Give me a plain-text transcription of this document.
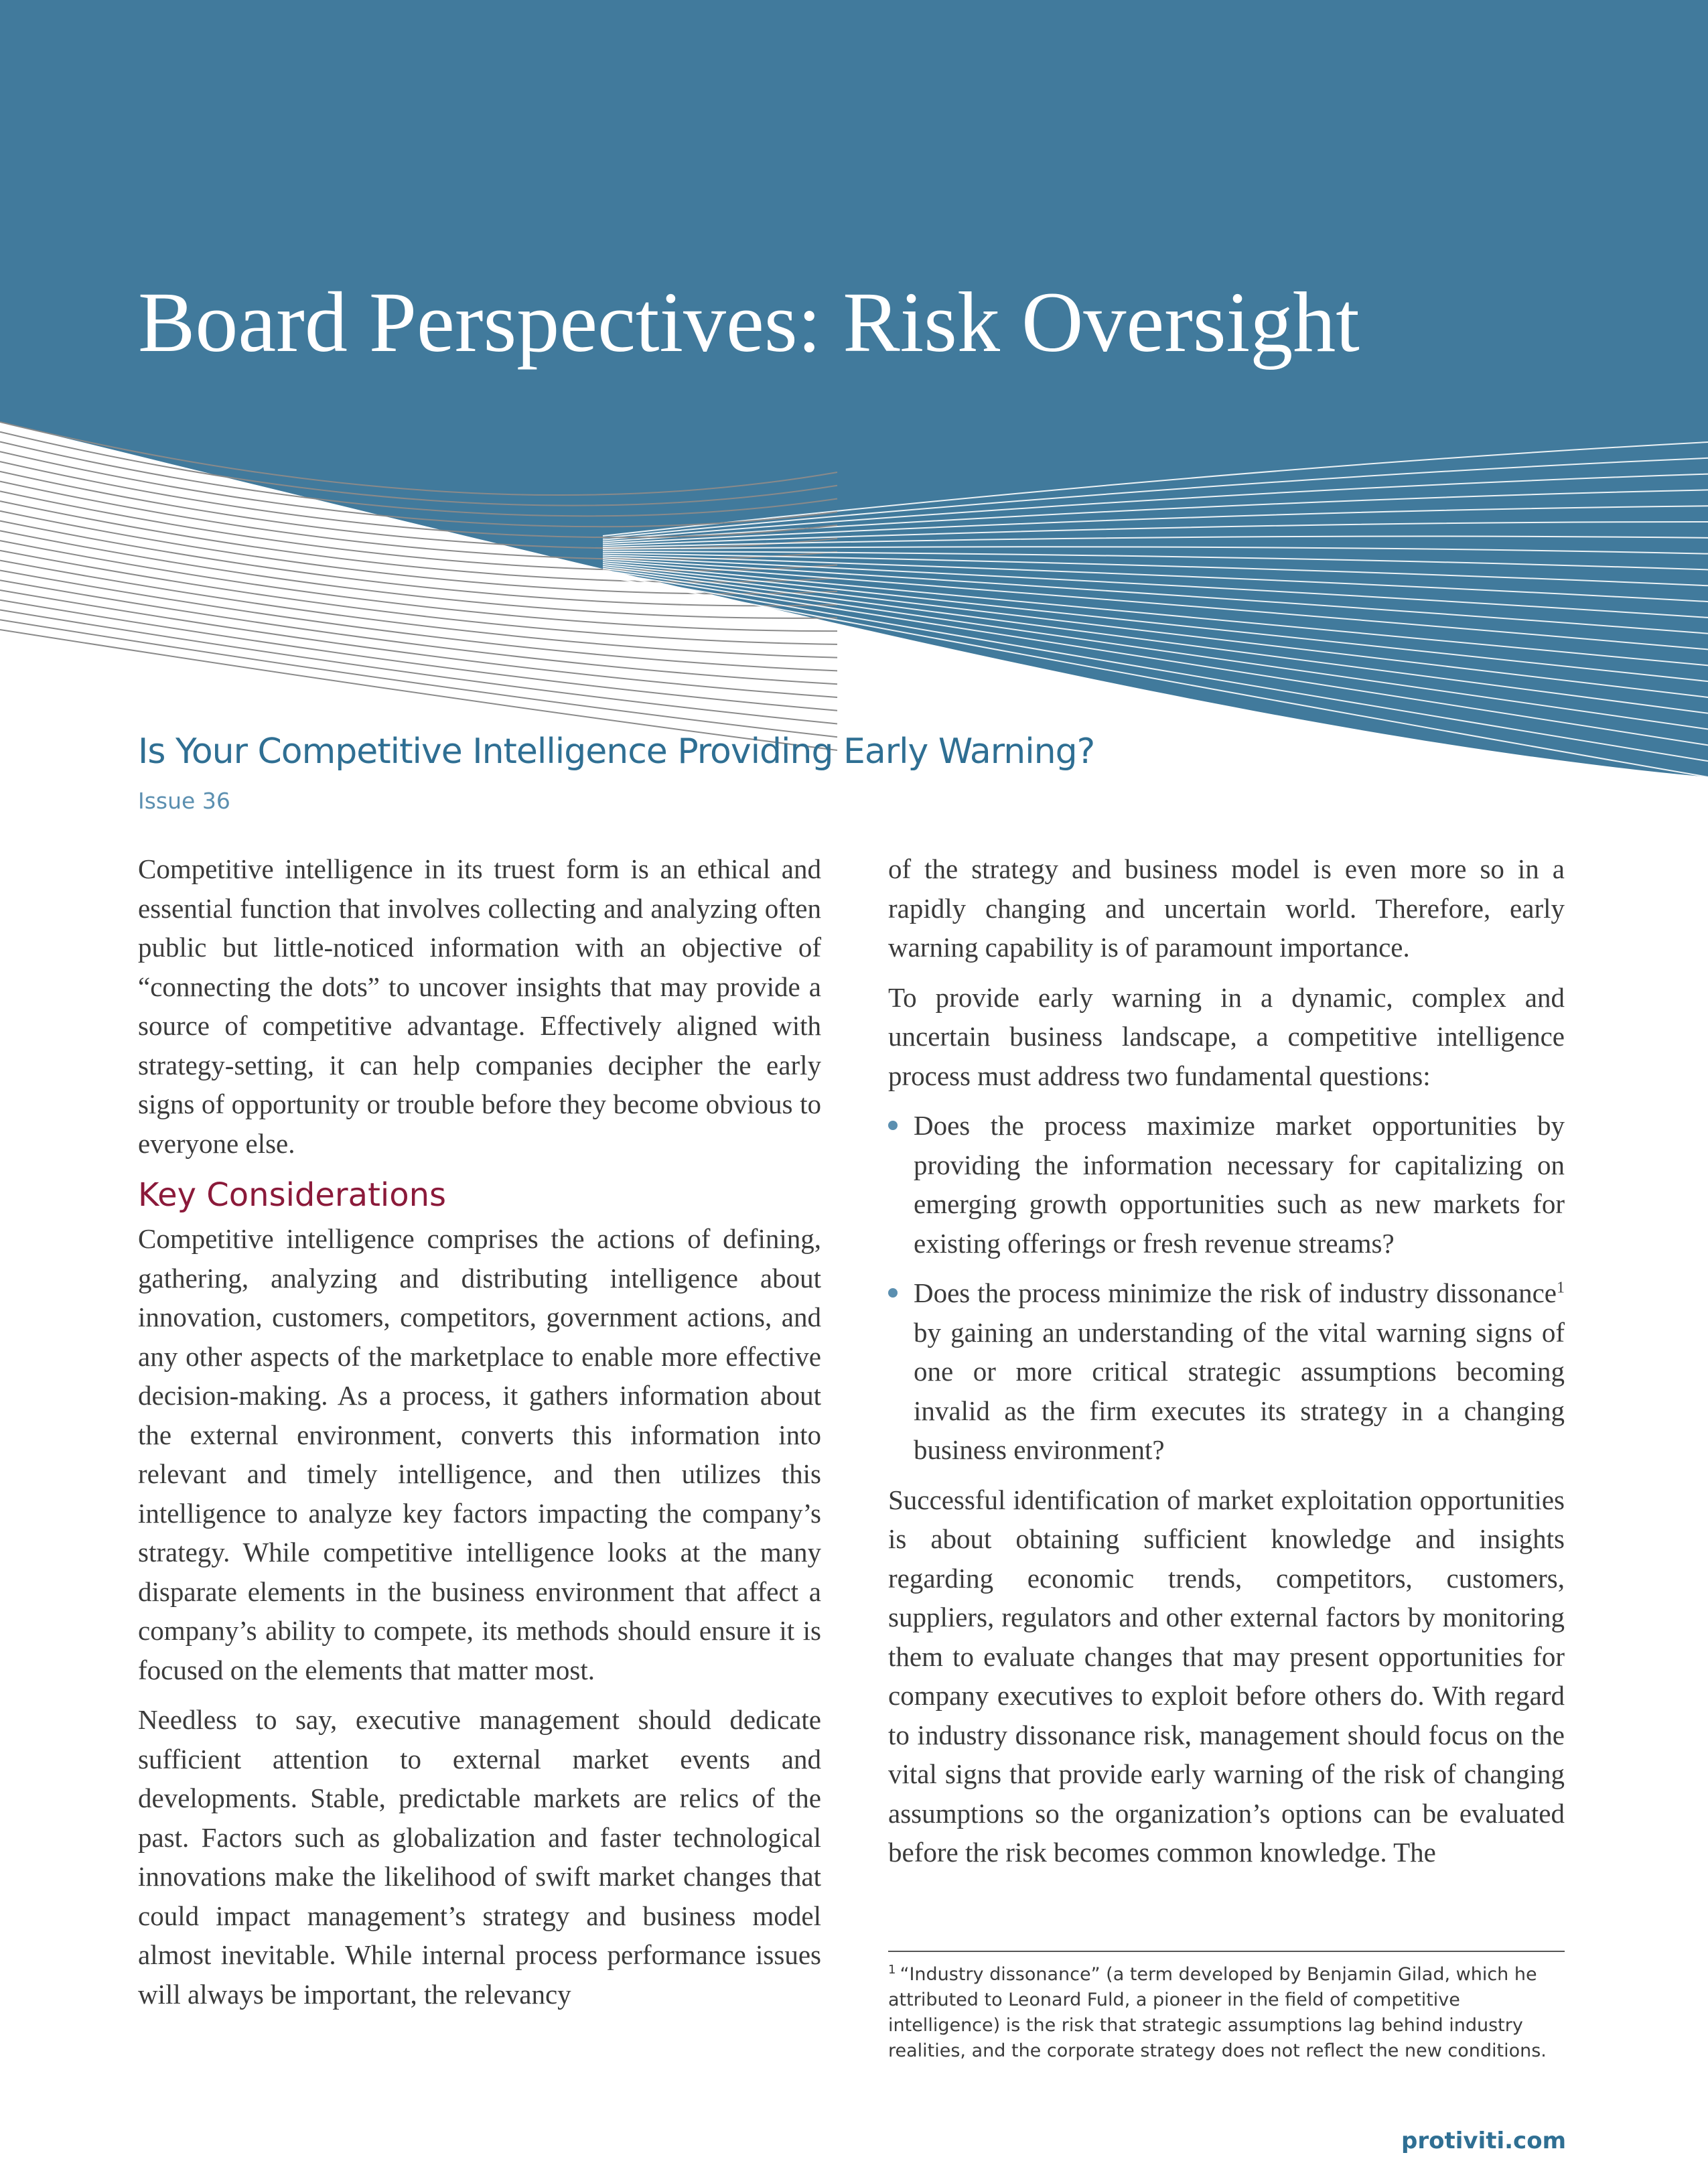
Board Perspectives: Risk Oversight
Is Your Competitive Intelligence Providing Early Warning?
Issue 36

Competitive intelligence in its truest form is an ethical and essential function that involves collecting and analyzing often public but little-noticed information with an objective of “connecting the dots” to uncover insights that may provide a source of competitive advantage. Effectively aligned with strategy-setting, it can help companies decipher the early signs of opportunity or trouble before they become obvious to everyone else.

Key Considerations

Competitive intelligence comprises the actions of defining, gathering, analyzing and distributing intelligence about innovation, customers, competitors, government actions, and any other aspects of the marketplace to enable more effective decision-making. As a process, it gathers information about the external environment, converts this information into relevant and timely intelligence, and then utilizes this intelligence to analyze key factors impacting the company’s strategy. While competitive intelligence looks at the many disparate elements in the business environment that affect a company’s ability to compete, its methods should ensure it is focused on the elements that matter most.

Needless to say, executive management should dedicate sufficient attention to external market events and developments. Stable, predictable markets are relics of the past. Factors such as globalization and faster technological innovations make the likelihood of swift market changes that could impact management’s strategy and business model almost inevitable. While internal process performance issues will always be important, the relevancy

of the strategy and business model is even more so in a rapidly changing and uncertain world. Therefore, early warning capability is of paramount importance.

To provide early warning in a dynamic, complex and uncertain business landscape, a competitive intelligence process must address two fundamental questions:

Does the process maximize market opportunities by providing the information necessary for capitalizing on emerging growth opportunities such as new markets for existing offerings or fresh revenue streams?
Does the process minimize the risk of industry dissonance$^1$ by gaining an understanding of the vital warning signs of one or more critical strategic assumptions becoming invalid as the firm executes its strategy in a changing business environment?

Successful identification of market exploitation opportunities is about obtaining sufficient knowledge and insights regarding economic trends, competitors, customers, suppliers, regulators and other external factors by monitoring them to evaluate changes that may present opportunities for company executives to exploit before others do. With regard to industry dissonance risk, management should focus on the vital signs that provide early warning of the risk of changing assumptions so the organization’s options can be evaluated before the risk becomes common knowledge. The

$^1$ “Industry dissonance” (a term developed by Benjamin Gilad, which he attributed to Leonard Fuld, a pioneer in the field of competitive intelligence) is the risk that strategic assumptions lag behind industry realities, and the corporate strategy does not reflect the new conditions.
protiviti.com
